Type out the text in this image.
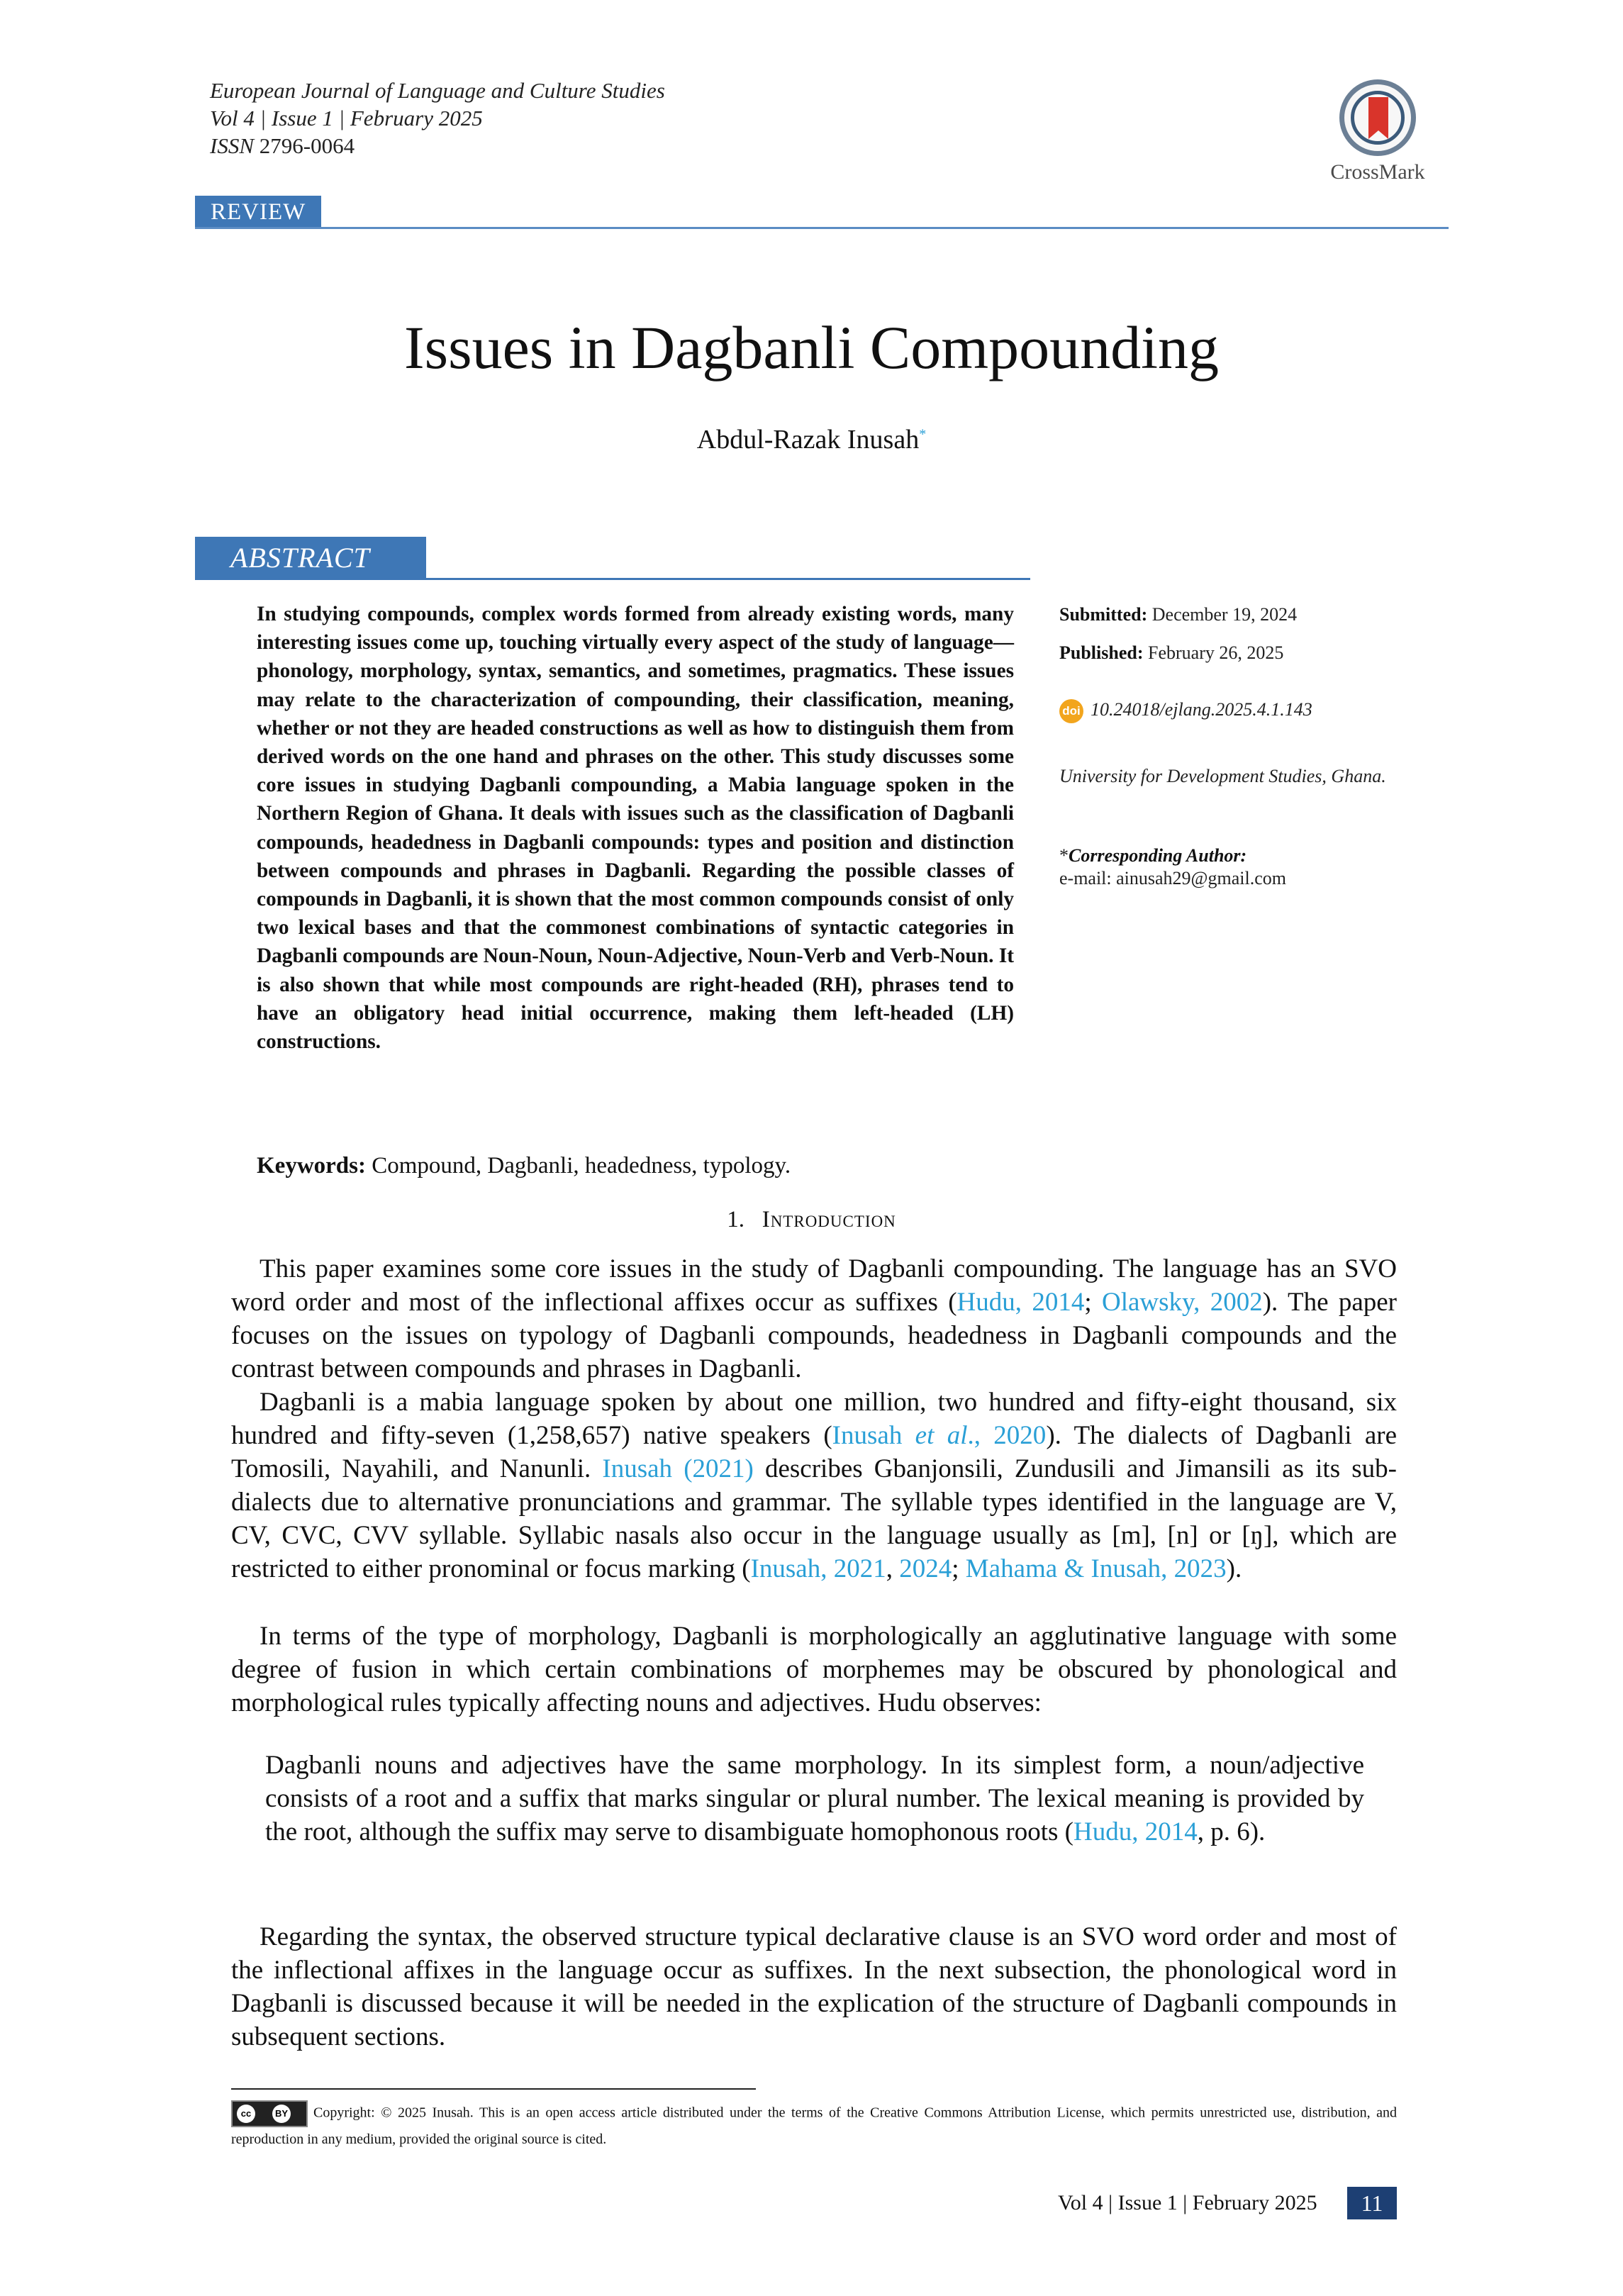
European Journal of Language and Culture Studies
Vol 4 | Issue 1 | February 2025
ISSN 2796-0064
CrossMark
REVIEW
Issues in Dagbanli Compounding
Abdul-Razak Inusah*
ABSTRACT
In studying compounds, complex words formed from already existing words, many interesting issues come up, touching virtually every aspect of the study of language—phonology, morphology, syntax, semantics, and sometimes, pragmatics. These issues may relate to the characterization of compounding, their classification, meaning, whether or not they are headed constructions as well as how to distinguish them from derived words on the one hand and phrases on the other. This study discusses some core issues in studying Dagbanli compounding, a Mabia language spoken in the Northern Region of Ghana. It deals with issues such as the classification of Dagbanli compounds, headedness in Dagbanli compounds: types and position and distinction between compounds and phrases in Dagbanli. Regarding the possible classes of compounds in Dagbanli, it is shown that the most common compounds consist of only two lexical bases and that the commonest combinations of syntactic categories in Dagbanli compounds are Noun-Noun, Noun-Adjective, Noun-Verb and Verb-Noun. It is also shown that while most compounds are right-headed (RH), phrases tend to have an obligatory head initial occurrence, making them left-headed (LH) constructions.
Submitted: December 19, 2024
Published: February 26, 2025
doi 10.24018/ejlang.2025.4.1.143
University for Development Studies, Ghana.
*Corresponding Author:
e-mail: ainusah29@gmail.com
Keywords: Compound, Dagbanli, headedness, typology.
1. Introduction

This paper examines some core issues in the study of Dagbanli compounding. The language has an SVO word order and most of the inflectional affixes occur as suffixes (Hudu, 2014; Olawsky, 2002). The paper focuses on the issues on typology of Dagbanli compounds, headedness in Dagbanli compounds and the contrast between compounds and phrases in Dagbanli.

Dagbanli is a mabia language spoken by about one million, two hundred and fifty-eight thousand, six hundred and fifty-seven (1,258,657) native speakers (Inusah et al., 2020). The dialects of Dagbanli are Tomosili, Nayahili, and Nanunli. Inusah (2021) describes Gbanjonsili, Zundusili and Jimansili as its sub-dialects due to alternative pronunciations and grammar. The syllable types identified in the language are V, CV, CVC, CVV syllable. Syllabic nasals also occur in the language usually as [m], [n] or [ŋ], which are restricted to either pronominal or focus marking (Inusah, 2021, 2024; Mahama & Inusah, 2023).

In terms of the type of morphology, Dagbanli is morphologically an agglutinative language with some degree of fusion in which certain combinations of morphemes may be obscured by phonological and morphological rules typically affecting nouns and adjectives. Hudu observes:

Dagbanli nouns and adjectives have the same morphology. In its simplest form, a noun/adjective consists of a root and a suffix that marks singular or plural number. The lexical meaning is provided by the root, although the suffix may serve to disambiguate homophonous roots (Hudu, 2014, p. 6).

Regarding the syntax, the observed structure typical declarative clause is an SVO word order and most of the inflectional affixes in the language occur as suffixes. In the next subsection, the phonological word in Dagbanli is discussed because it will be needed in the explication of the structure of Dagbanli compounds in subsequent sections.

cc	BY Copyright: © 2025 Inusah. This is an open access article distributed under the terms of the Creative Commons Attribution License, which permits unrestricted use, distribution, and reproduction in any medium, provided the original source is cited.
Vol 4 | Issue 1 | February 2025	11
